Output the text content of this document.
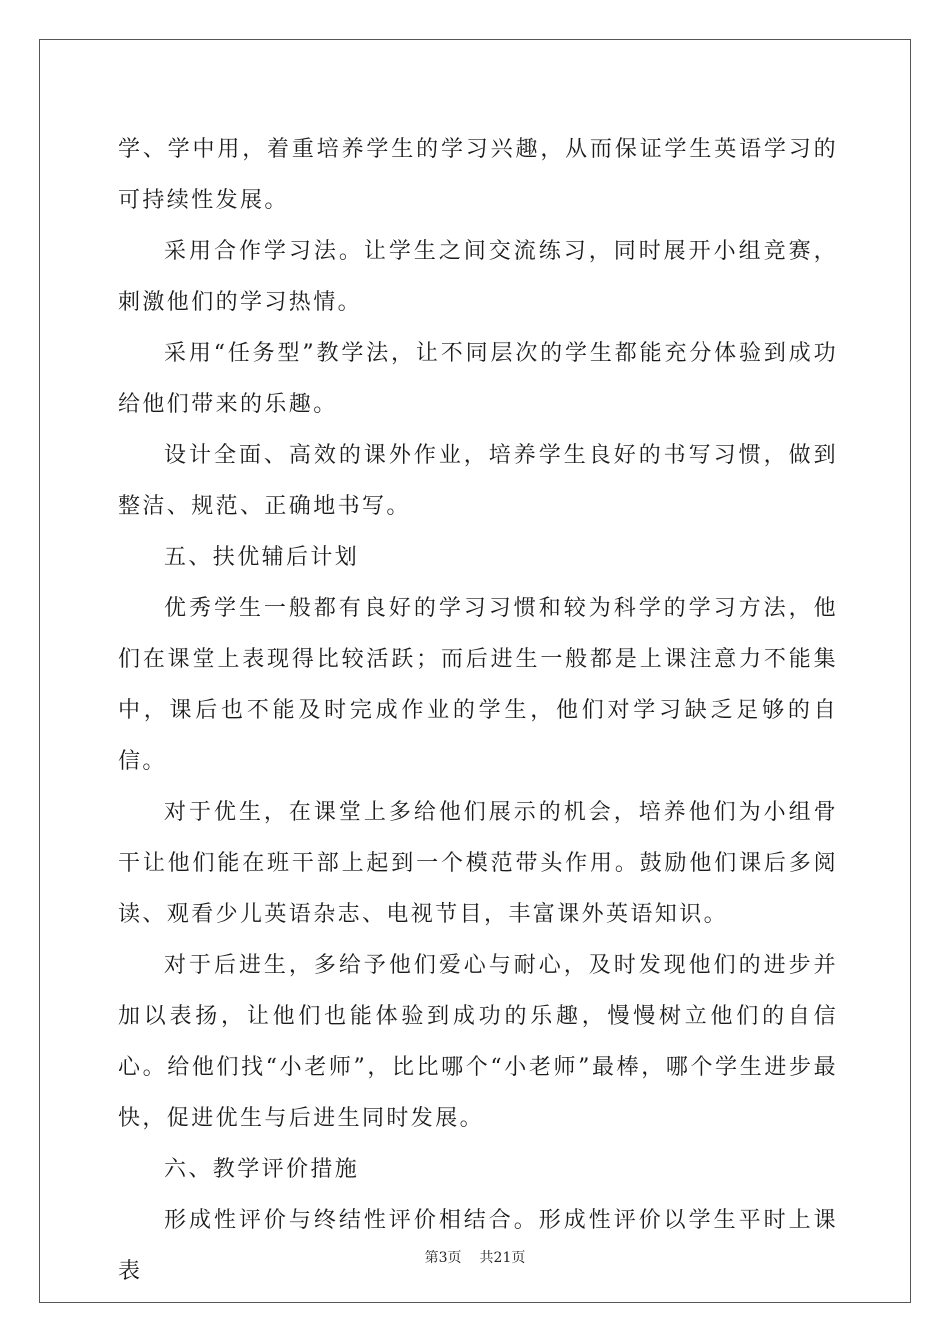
学、学中用，着重培养学生的学习兴趣，从而保证学生英语学习的可持续性发展。

采用合作学习法。让学生之间交流练习，同时展开小组竞赛，刺激他们的学习热情。

采用“任务型”教学法，让不同层次的学生都能充分体验到成功给他们带来的乐趣。

设计全面、高效的课外作业，培养学生良好的书写习惯，做到整洁、规范、正确地书写。

五、扶优辅后计划

优秀学生一般都有良好的学习习惯和较为科学的学习方法，他们在课堂上表现得比较活跃；而后进生一般都是上课注意力不能集中，课后也不能及时完成作业的学生，他们对学习缺乏足够的自信。

对于优生，在课堂上多给他们展示的机会，培养他们为小组骨干让他们能在班干部上起到一个模范带头作用。鼓励他们课后多阅读、观看少儿英语杂志、电视节目，丰富课外英语知识。

对于后进生，多给予他们爱心与耐心，及时发现他们的进步并加以表扬，让他们也能体验到成功的乐趣，慢慢树立他们的自信心。给他们找“小老师”，比比哪个“小老师”最棒，哪个学生进步最快，促进优生与后进生同时发展。

六、教学评价措施

形成性评价与终结性评价相结合。形成性评价以学生平时上课表

第3页 共21页
